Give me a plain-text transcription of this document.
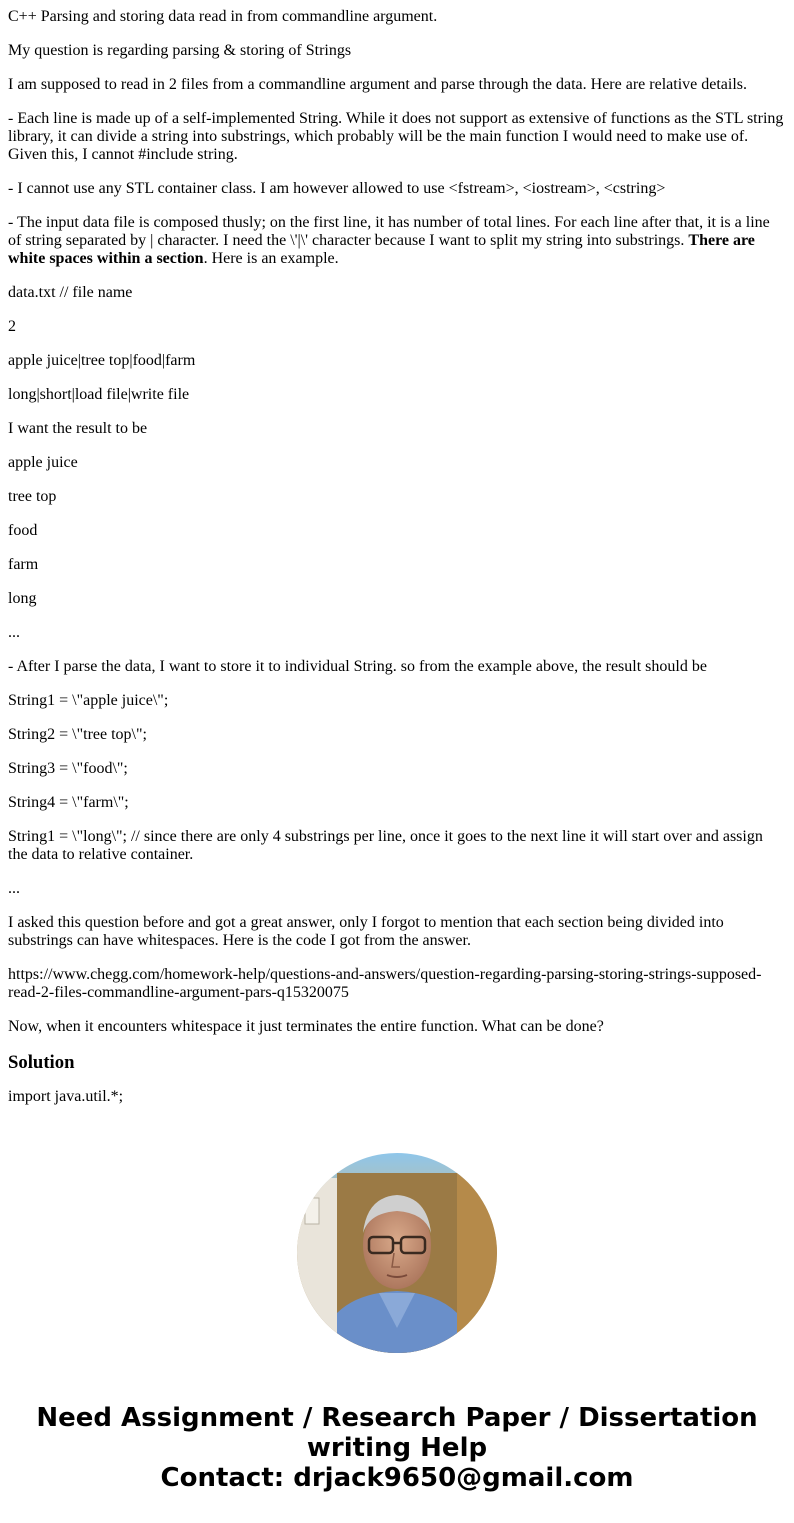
C++ Parsing and storing data read in from commandline argument.

My question is regarding parsing & storing of Strings

I am supposed to read in 2 files from a commandline argument and parse through the data. Here are relative details.

- Each line is made up of a self-implemented String. While it does not support as extensive of functions as the STL string library, it can divide a string into substrings, which probably will be the main function I would need to make use of. Given this, I cannot #include string.

- I cannot use any STL container class. I am however allowed to use <fstream>, <iostream>, <cstring>

- The input data file is composed thusly; on the first line, it has number of total lines. For each line after that, it is a line of string separated by | character. I need the \'|\' character because I want to split my string into substrings. There are white spaces within a section. Here is an example.

data.txt // file name

2

apple juice|tree top|food|farm

long|short|load file|write file

I want the result to be

apple juice

tree top

food

farm

long

...

- After I parse the data, I want to store it to individual String. so from the example above, the result should be

String1 = \"apple juice\";

String2 = \"tree top\";

String3 = \"food\";

String4 = \"farm\";

String1 = \"long\"; // since there are only 4 substrings per line, once it goes to the next line it will start over and assign the data to relative container.

...

I asked this question before and got a great answer, only I forgot to mention that each section being divided into substrings can have whitespaces. Here is the code I got from the answer.

https://www.chegg.com/homework-help/questions-and-answers/question-regarding-parsing-storing-strings-supposed-read-2-files-commandline-argument-pars-q15320075

Now, when it encounters whitespace it just terminates the entire function. What can be done?

Solution

import java.util.*;

Need Assignment / Research Paper / Dissertation writing Help
Contact: drjack9650@gmail.com
